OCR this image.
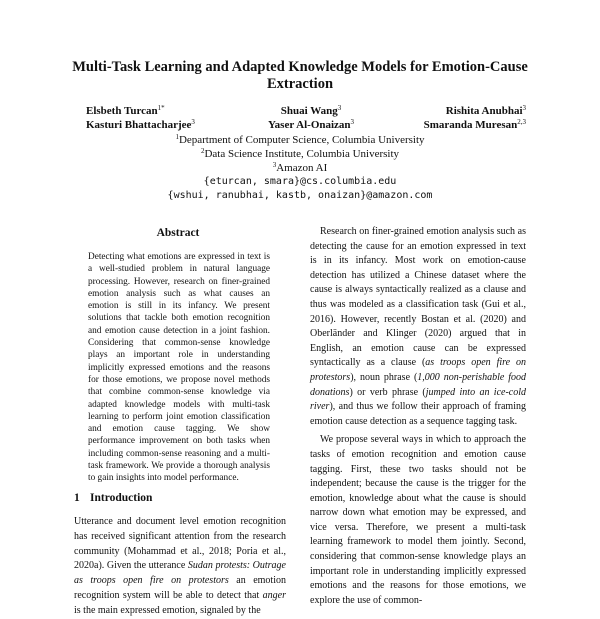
Multi-Task Learning and Adapted Knowledge Models for Emotion-Cause Extraction
Elsbeth Turcan$^{1*}$	Shuai Wang$^3$	Rishita Anubhai$^3$
Kasturi Bhattacharjee$^3$	Yaser Al-Onaizan$^3$	Smaranda Muresan$^{2,3}$
$^1$Department of Computer Science, Columbia University
$^2$Data Science Institute, Columbia University
$^3$Amazon AI
{eturcan, smara}@cs.columbia.edu
{wshui, ranubhai, kastb, onaizan}@amazon.com
Abstract
Detecting what emotions are expressed in text is a well-studied problem in natural language processing. However, research on finer-grained emotion analysis such as what causes an emotion is still in its infancy. We present solutions that tackle both emotion recognition and emotion cause detection in a joint fashion. Considering that common-sense knowledge plays an important role in understanding implicitly expressed emotions and the reasons for those emotions, we propose novel methods that combine common-sense knowledge via adapted knowledge models with multi-task learning to perform joint emotion classification and emotion cause tagging. We show performance improvement on both tasks when including common-sense reasoning and a multi-task framework. We provide a thorough analysis to gain insights into model performance.
1 Introduction
Utterance and document level emotion recognition has received significant attention from the research community (Mohammad et al., 2018; Poria et al., 2020a). Given the utterance Sudan protests: Outrage as troops open fire on protestors an emotion recognition system will be able to detect that anger is the main expressed emotion, signaled by the

Research on finer-grained emotion analysis such as detecting the cause for an emotion expressed in text is in its infancy. Most work on emotion-cause detection has utilized a Chinese dataset where the cause is always syntactically realized as a clause and thus was modeled as a classification task (Gui et al., 2016). However, recently Bostan et al. (2020) and Oberländer and Klinger (2020) argued that in English, an emotion cause can be expressed syntactically as a clause (as troops open fire on protestors), noun phrase (1,000 non-perishable food donations) or verb phrase (jumped into an ice-cold river), and thus we follow their approach of framing emotion cause detection as a sequence tagging task.

We propose several ways in which to approach the tasks of emotion recognition and emotion cause tagging. First, these two tasks should not be independent; because the cause is the trigger for the emotion, knowledge about what the cause is should narrow down what emotion may be expressed, and vice versa. Therefore, we present a multi-task learning framework to model them jointly. Second, considering that common-sense knowledge plays an important role in understanding implicitly expressed emotions and the reasons for those emotions, we explore the use of common-
